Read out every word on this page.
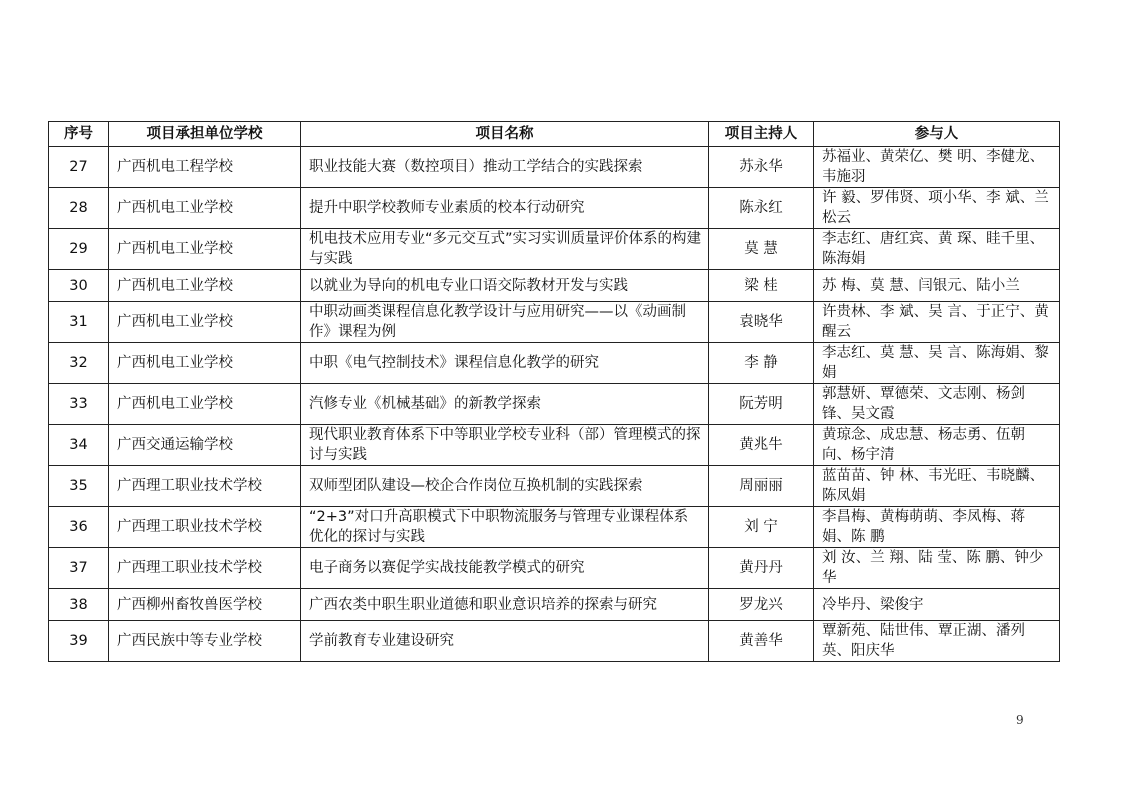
序号	项目承担单位学校	项目名称	项目主持人	参与人
27	广西机电工程学校	职业技能大赛（数控项目）推动工学结合的实践探索	苏永华	苏福业、黄荣亿、樊 明、李健龙、韦施羽
28	广西机电工业学校	提升中职学校教师专业素质的校本行动研究	陈永红	许 毅、罗伟贤、项小华、李 斌、兰松云
29	广西机电工业学校	机电技术应用专业“多元交互式”实习实训质量评价体系的构建与实践	莫 慧	李志红、唐红宾、黄 琛、眭千里、陈海娟
30	广西机电工业学校	以就业为导向的机电专业口语交际教材开发与实践	梁 桂	苏 梅、莫 慧、闫银元、陆小兰
31	广西机电工业学校	中职动画类课程信息化教学设计与应用研究——以《动画制作》课程为例	袁晓华	许贵林、李 斌、吴 言、于正宁、黄醒云
32	广西机电工业学校	中职《电气控制技术》课程信息化教学的研究	李 静	李志红、莫 慧、吴 言、陈海娟、黎 娟
33	广西机电工业学校	汽修专业《机械基础》的新教学探索	阮芳明	郭慧妍、覃德荣、文志刚、杨剑锋、吴文霞
34	广西交通运输学校	现代职业教育体系下中等职业学校专业科（部）管理模式的探讨与实践	黄兆牛	黄琼念、成忠慧、杨志勇、伍朝向、杨宇清
35	广西理工职业技术学校	双师型团队建设—校企合作岗位互换机制的实践探索	周丽丽	蓝苗苗、钟 林、韦光旺、韦晓麟、陈凤娟
36	广西理工职业技术学校	“2+3”对口升高职模式下中职物流服务与管理专业课程体系优化的探讨与实践	刘 宁	李昌梅、黄梅萌萌、李凤梅、蒋娟、陈 鹏
37	广西理工职业技术学校	电子商务以赛促学实战技能教学模式的研究	黄丹丹	刘 汝、兰 翔、陆 莹、陈 鹏、钟少华
38	广西柳州畜牧兽医学校	广西农类中职生职业道德和职业意识培养的探索与研究	罗龙兴	冷毕丹、梁俊宇
39	广西民族中等专业学校	学前教育专业建设研究	黄善华	覃新苑、陆世伟、覃正湖、潘列英、阳庆华
9
